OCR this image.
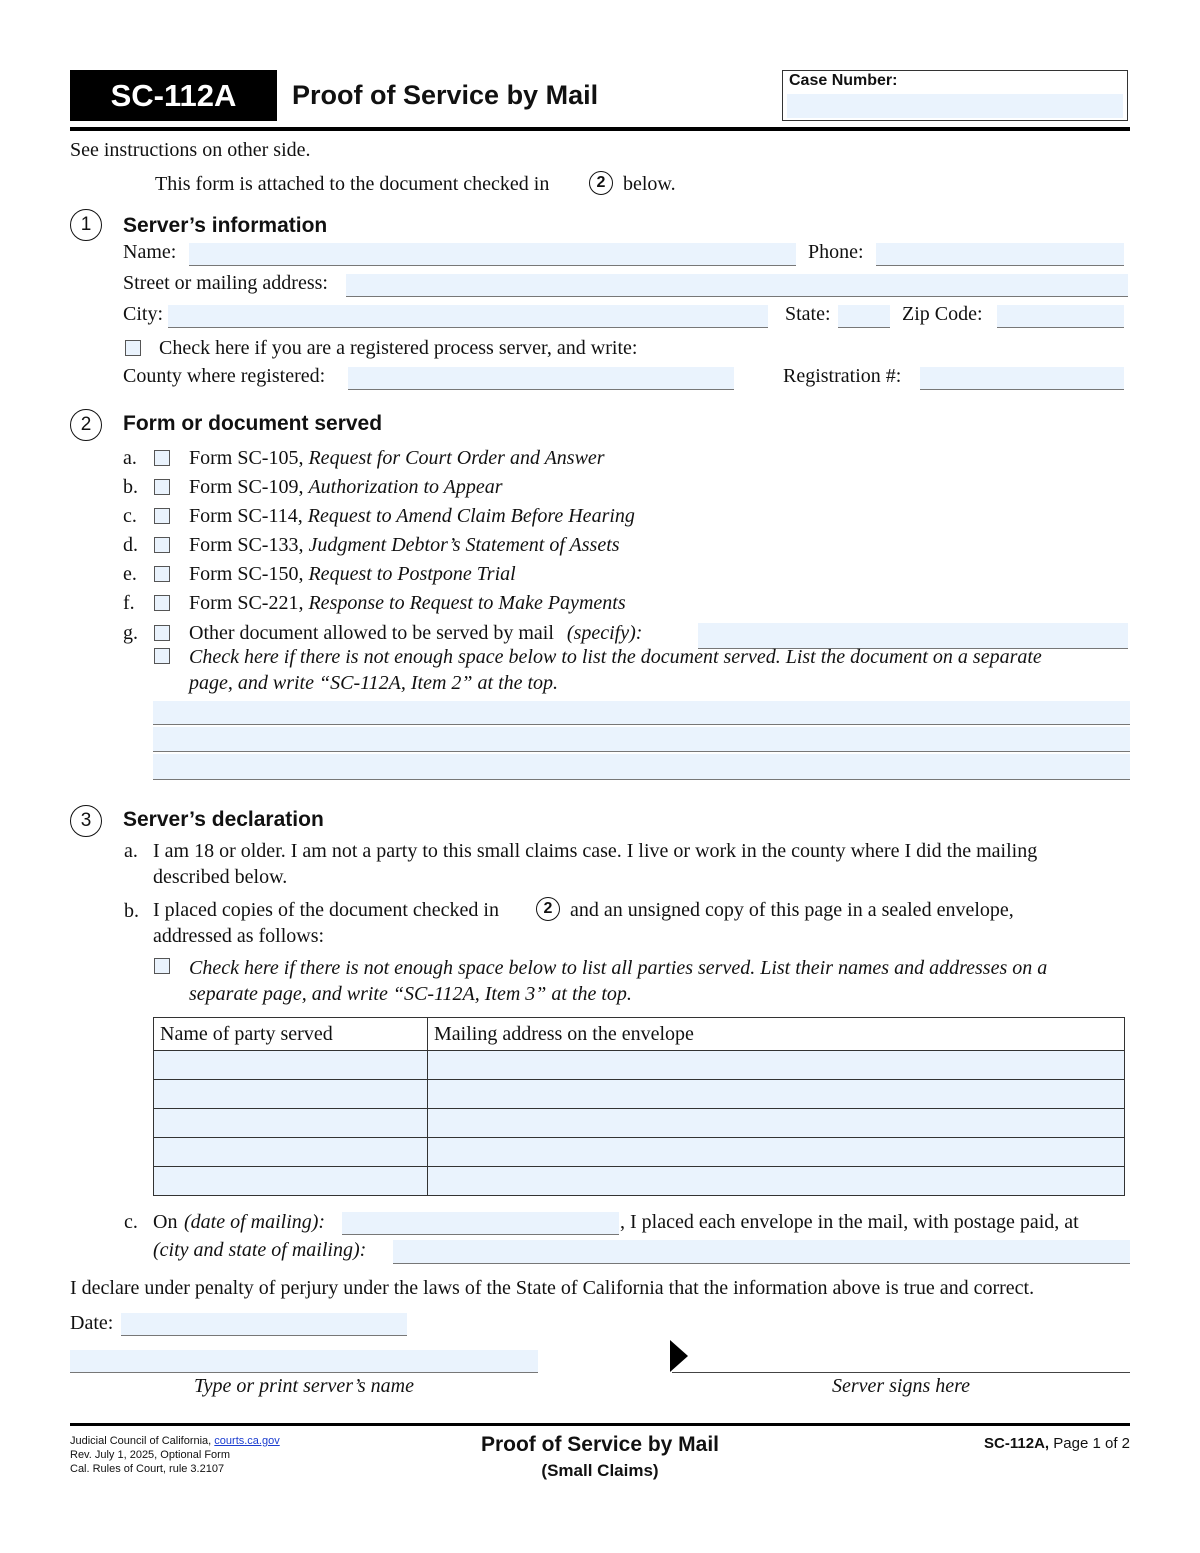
SC-112A	Proof of Service by Mail	Case Number:
See instructions on other side.
This form is attached to the document checked in	2 below.
1	Server’s information
Name:	Phone:
Street or mailing address:
City:	State:	Zip Code:
Check here if you are a registered process server, and write:
County where registered:	Registration #:
2	Form or document served
a.	Form SC-105, Request for Court Order and Answer
b.	Form SC-109, Authorization to Appear
c.	Form SC-114, Request to Amend Claim Before Hearing
d.	Form SC-133, Judgment Debtor’s Statement of Assets
e.	Form SC-150, Request to Postpone Trial
f.	Form SC-221, Response to Request to Make Payments
g.	Other document allowed to be served by mail (specify):
Check here if there is not enough space below to list the document served. List the document on a separate
page, and write “SC-112A, Item 2” at the top.
3	Server’s declaration
a. I am 18 or older. I am not a party to this small claims case. I live or work in the county where I did the mailing
described below.
b. I placed copies of the document checked in	2 and an unsigned copy of this page in a sealed envelope,
addressed as follows:
Check here if there is not enough space below to list all parties served. List their names and addresses on a
separate page, and write “SC-112A, Item 3” at the top.
Name of party served	Mailing address on the envelope

c. On (date of mailing):	, I placed each envelope in the mail, with postage paid, at
(city and state of mailing):
I declare under penalty of perjury under the laws of the State of California that the information above is true and correct.
Date:
Type or print server’s name	Server signs here
Judicial Council of California, courts.ca.gov
Rev. July 1, 2025, Optional Form
Cal. Rules of Court, rule 3.2107
Proof of Service by Mail
(Small Claims)
SC-112A, Page 1 of 2
